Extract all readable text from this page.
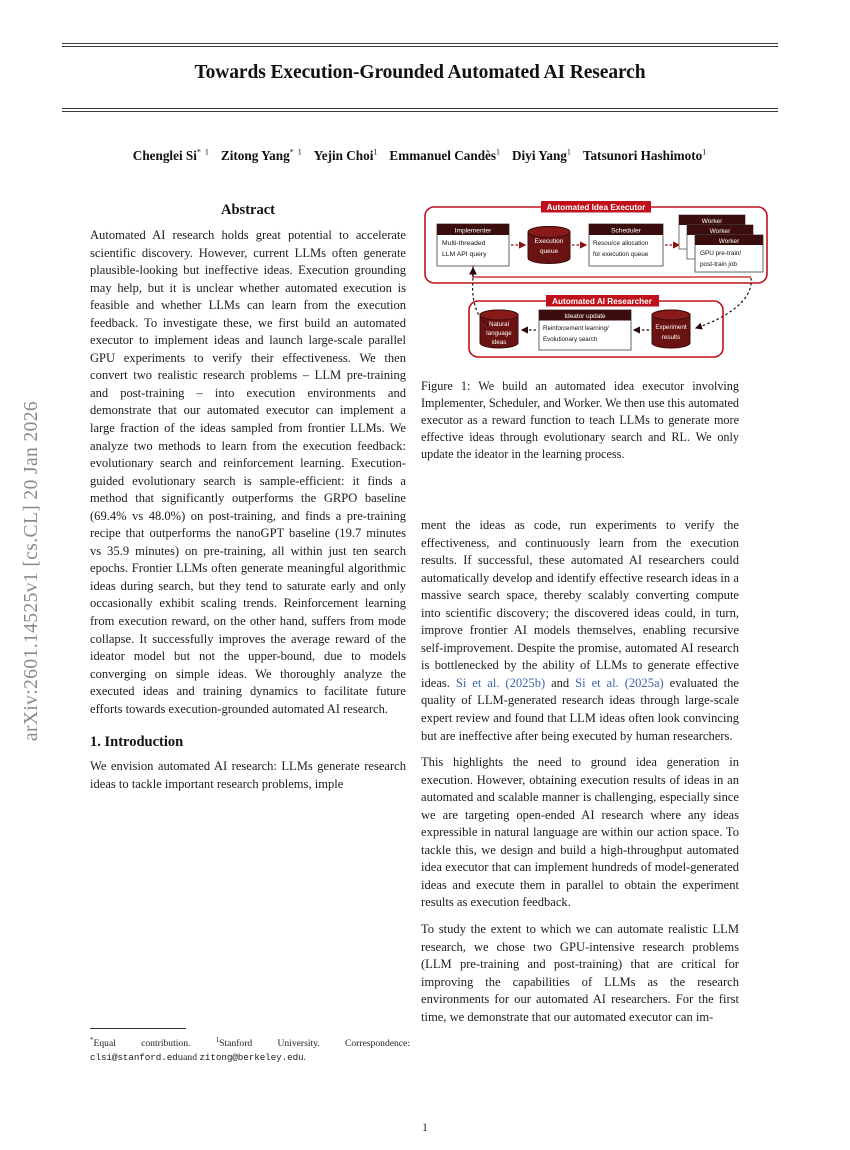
arXiv:2601.14525v1 [cs.CL] 20 Jan 2026
Towards Execution-Grounded Automated AI Research
Chenglei Si$^{* 1}$ Zitong Yang$^{* 1}$ Yejin Choi$^1$ Emmanuel Candès$^1$ Diyi Yang$^1$ Tatsunori Hashimoto$^1$
Abstract

Automated AI research holds great potential to accelerate scientific discovery. However, current LLMs often generate plausible-looking but ineffective ideas. Execution grounding may help, but it is unclear whether automated execution is feasible and whether LLMs can learn from the execution feedback. To investigate these, we first build an automated executor to implement ideas and launch large-scale parallel GPU experiments to verify their effectiveness. We then convert two realistic research problems – LLM pre-training and post-training – into execution environments and demonstrate that our automated executor can implement a large fraction of the ideas sampled from frontier LLMs. We analyze two methods to learn from the execution feedback: evolutionary search and reinforcement learning. Execution-guided evolutionary search is sample-efficient: it finds a method that significantly outperforms the GRPO baseline (69.4% vs 48.0%) on post-training, and finds a pre-training recipe that outperforms the nanoGPT baseline (19.7 minutes vs 35.9 minutes) on pre-training, all within just ten search epochs. Frontier LLMs often generate meaningful algorithmic ideas during search, but they tend to saturate early and only occasionally exhibit scaling trends. Reinforcement learning from execution reward, on the other hand, suffers from mode collapse. It successfully improves the average reward of the ideator model but not the upper-bound, due to models converging on simple ideas. We thoroughly analyze the executed ideas and training dynamics to facilitate future efforts towards execution-grounded automated AI research.

1. Introduction

We envision automated AI research: LLMs generate research ideas to tackle important research problems, imple

*Equal contribution.	$^1$Stanford University. Correspondence: clsi@stanford.eduand zitong@berkeley.edu.
Automated Idea Executor
Implementer
Multi-threaded
LLM API query
Execution
queue
Scheduler
Resource allocation
for execution queue
Worker
Worker
Worker
GPU pre-train/
post-train job
Automated AI Researcher
Natural
language
ideas
Ideator update
Reinforcement learning/
Evolutionary search
Experiment
results
Figure 1: We build an automated idea executor involving Implementer, Scheduler, and Worker. We then use this automated executor as a reward function to teach LLMs to generate more effective ideas through evolutionary search and RL. We only update the ideator in the learning process.

ment the ideas as code, run experiments to verify the effectiveness, and continuously learn from the execution results. If successful, these automated AI researchers could automatically develop and identify effective research ideas in a massive search space, thereby scalably converting compute into scientific discovery; the discovered ideas could, in turn, improve frontier AI models themselves, enabling recursive self-improvement. Despite the promise, automated AI research is bottlenecked by the ability of LLMs to generate effective ideas. Si et al. (2025b) and Si et al. (2025a) evaluated the quality of LLM-generated research ideas through large-scale expert review and found that LLM ideas often look convincing but are ineffective after being executed by human researchers.

This highlights the need to ground idea generation in execution. However, obtaining execution results of ideas in an automated and scalable manner is challenging, especially since we are targeting open-ended AI research where any ideas expressible in natural language are within our action space. To tackle this, we design and build a high-throughput automated idea executor that can implement hundreds of model-generated ideas and execute them in parallel to obtain the experiment results as execution feedback.

To study the extent to which we can automate realistic LLM research, we chose two GPU-intensive research problems (LLM pre-training and post-training) that are critical for improving the capabilities of LLMs as the research environments for our automated AI researchers. For the first time, we demonstrate that our automated executor can im-

1
